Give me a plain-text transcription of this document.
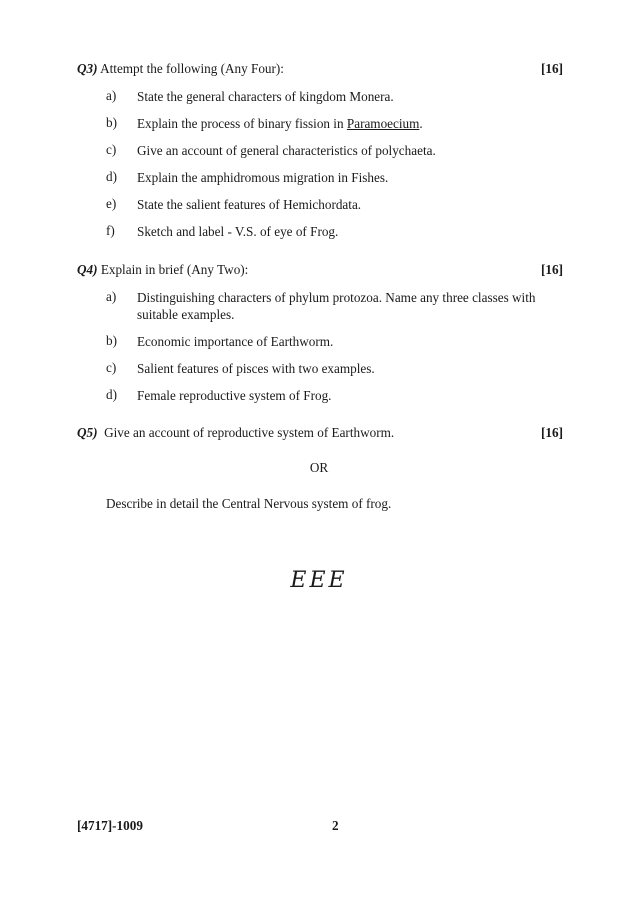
Q3) Attempt the following (Any Four):	[16]
a)	State the general characters of kingdom Monera.
b)	Explain the process of binary fission in Paramoecium.
c)	Give an account of general characteristics of polychaeta.
d)	Explain the amphidromous migration in Fishes.
e)	State the salient features of Hemichordata.
f)	Sketch and label - V.S. of eye of Frog.
Q4) Explain in brief (Any Two):	[16]
a)	Distinguishing characters of phylum protozoa. Name any three classes with suitable examples.
b)	Economic importance of Earthworm.
c)	Salient features of pisces with two examples.
d)	Female reproductive system of Frog.
Q5) Give an account of reproductive system of Earthworm.	[16]
OR
Describe in detail the Central Nervous system of frog.
EEE
[4717]-1009	2
